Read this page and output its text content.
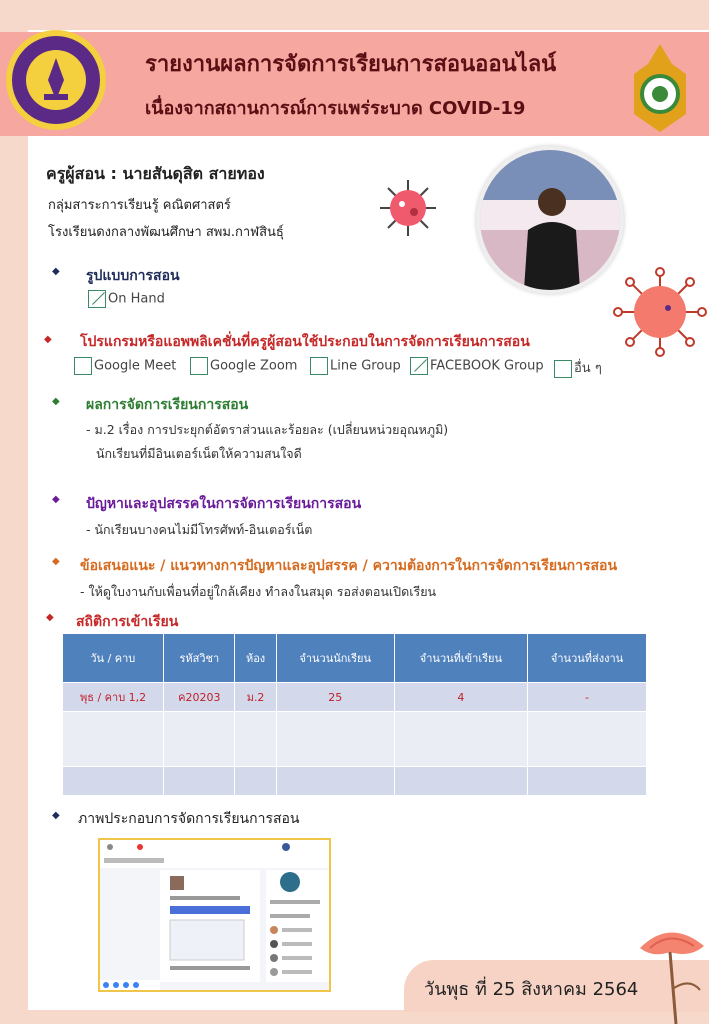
รายงานผลการจัดการเรียนการสอนออนไลน์
เนื่องจากสถานการณ์การแพร่ระบาด COVID-19
ครูผู้สอน : นายสันดุสิต สายทอง
กลุ่มสาระการเรียนรู้ คณิตศาสตร์
โรงเรียนดงกลางพัฒนศึกษา สพม.กาฬสินธุ์
◆ รูปแบบการสอน
On Hand
◆ โปรแกรมหรือแอพพลิเคชั่นที่ครูผู้สอนใช้ประกอบในการจัดการเรียนการสอน
Google Meet	Google Zoom	Line Group	FACEBOOK Group	อื่น ๆ
◆ ผลการจัดการเรียนการสอน
- ม.2 เรื่อง การประยุกต์อัตราส่วนและร้อยละ (เปลี่ยนหน่วยอุณหภูมิ)
นักเรียนที่มีอินเตอร์เน็ตให้ความสนใจดี
◆ ปัญหาและอุปสรรคในการจัดการเรียนการสอน
- นักเรียนบางคนไม่มีโทรศัพท์-อินเตอร์เน็ต
◆ ข้อเสนอแนะ / แนวทางการปัญหาและอุปสรรค / ความต้องการในการจัดการเรียนการสอน
- ให้ดูใบงานกับเพื่อนที่อยู่ใกล้เคียง ทำลงในสมุด รอส่งตอนเปิดเรียน
◆ สถิติการเข้าเรียน
วัน / คาบ	รหัสวิชา	ห้อง	จำนวนนักเรียน	จำนวนที่เข้าเรียน	จำนวนที่ส่งงาน
พุธ / คาบ 1,2	ค20203	ม.2	25	4	-

◆ ภาพประกอบการจัดการเรียนการสอน
วันพุธ ที่ 25 สิงหาคม 2564
